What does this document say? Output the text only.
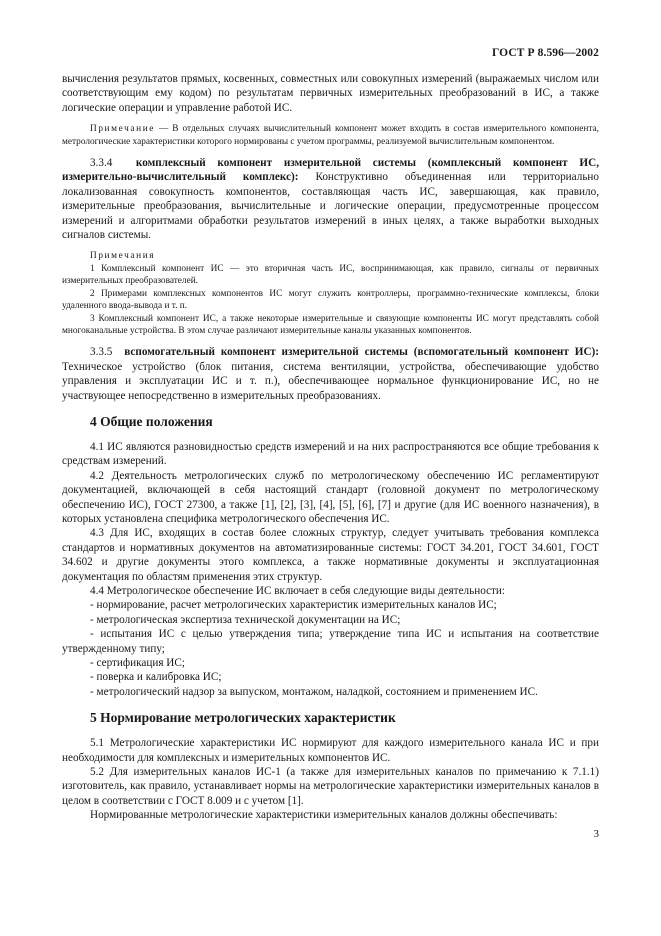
ГОСТ Р 8.596—2002

вычисления результатов прямых, косвенных, совместных или совокупных измерений (выражаемых числом или соответствующим ему кодом) по результатам первичных измерительных преобразований в ИС, а также логические операции и управление работой ИС.

Примечание — В отдельных случаях вычислительный компонент может входить в состав измерительного компонента, метрологические характеристики которого нормированы с учетом программы, реализуемой вычислительным компонентом.

3.3.4 комплексный компонент измерительной системы (комплексный компонент ИС, измерительно-вычислительный комплекс): Конструктивно объединенная или территориально локализованная совокупность компонентов, составляющая часть ИС, завершающая, как правило, измерительные преобразования, вычислительные и логические операции, предусмотренные процессом измерений и алгоритмами обработки результатов измерений в иных целях, а также выработки выходных сигналов системы.

Примечания

1 Комплексный компонент ИС — это вторичная часть ИС, воспринимающая, как правило, сигналы от первичных измерительных преобразователей.

2 Примерами комплексных компонентов ИС могут служить контроллеры, программно-технические комплексы, блоки удаленного ввода-вывода и т. п.

3 Комплексный компонент ИС, а также некоторые измерительные и связующие компоненты ИС могут представлять собой многоканальные устройства. В этом случае различают измерительные каналы указанных компонентов.

3.3.5 вспомогательный компонент измерительной системы (вспомогательный компонент ИС): Техническое устройство (блок питания, система вентиляции, устройства, обеспечивающие удобство управления и эксплуатации ИС и т. п.), обеспечивающее нормальное функционирование ИС, но не участвующее непосредственно в измерительных преобразованиях.

4 Общие положения

4.1 ИС являются разновидностью средств измерений и на них распространяются все общие требования к средствам измерений.

4.2 Деятельность метрологических служб по метрологическому обеспечению ИС регламентируют документацией, включающей в себя настоящий стандарт (головной документ по метрологическому обеспечению ИС), ГОСТ 27300, а также [1], [2], [3], [4], [5], [6], [7] и другие (для ИС военного назначения), в которых установлена специфика метрологического обеспечения ИС.

4.3 Для ИС, входящих в состав более сложных структур, следует учитывать требования комплекса стандартов и нормативных документов на автоматизированные системы: ГОСТ 34.201, ГОСТ 34.601, ГОСТ 34.602 и другие документы этого комплекса, а также нормативные документы и эксплуатационная документация по областям применения этих структур.

4.4 Метрологическое обеспечение ИС включает в себя следующие виды деятельности:

- нормирование, расчет метрологических характеристик измерительных каналов ИС;

- метрологическая экспертиза технической документации на ИС;

- испытания ИС с целью утверждения типа; утверждение типа ИС и испытания на соответствие утвержденному типу;

- сертификация ИС;

- поверка и калибровка ИС;

- метрологический надзор за выпуском, монтажом, наладкой, состоянием и применением ИС.

5 Нормирование метрологических характеристик

5.1 Метрологические характеристики ИС нормируют для каждого измерительного канала ИС и при необходимости для комплексных и измерительных компонентов ИС.

5.2 Для измерительных каналов ИС-1 (а также для измерительных каналов по примечанию к 7.1.1) изготовитель, как правило, устанавливает нормы на метрологические характеристики измерительных каналов в целом в соответствии с ГОСТ 8.009 и с учетом [1].

Нормированные метрологические характеристики измерительных каналов должны обеспечивать:

3
